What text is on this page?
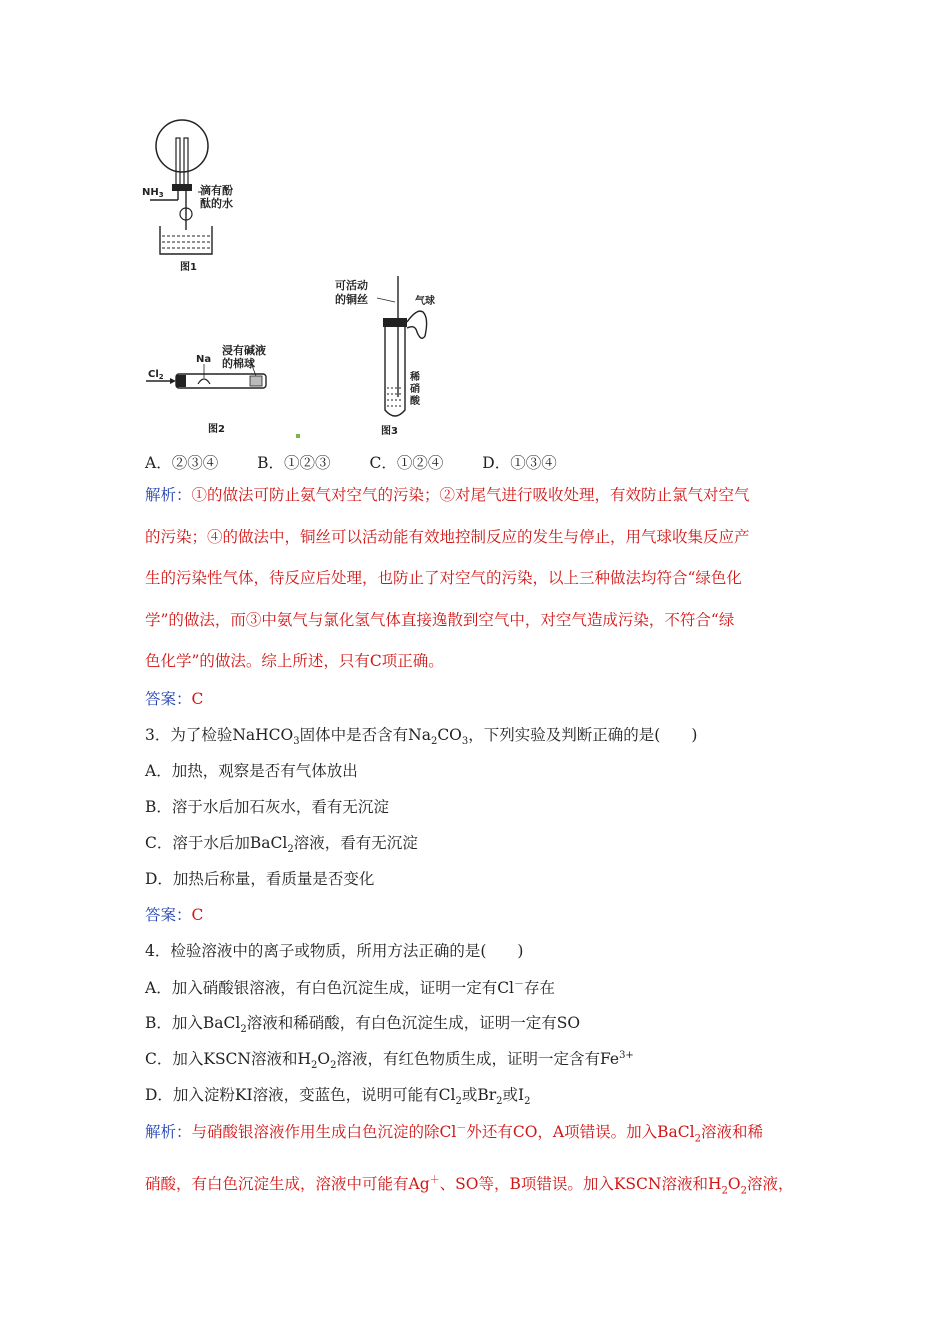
$NH_3$	滴有酚
酞的水
图1
$Cl_2$
Na
浸有碱液
的棉球
图2
可活动
的铜丝	气球
稀
硝
酸
图3
A．②③④	B．①②③	C．①②④	D．①③④
解析：①的做法可防止氨气对空气的污染；②对尾气进行吸收处理，有效防止氯气对空气
的污染；④的做法中，铜丝可以活动能有效地控制反应的发生与停止，用气球收集反应产
生的污染性气体，待反应后处理，也防止了对空气的污染，以上三种做法均符合“绿色化
学”的做法，而③中氨气与氯化氢气体直接逸散到空气中，对空气造成污染，不符合“绿
色化学”的做法。综上所述，只有C项正确。
答案：C
3．为了检验NaHCO$_3$固体中是否含有$Na_2CO_3$，下列实验及判断正确的是(　　)
A．加热，观察是否有气体放出
B．溶于水后加石灰水，看有无沉淀
C．溶于水后加BaCl$_2$溶液，看有无沉淀
D．加热后称量，看质量是否变化
答案：C
4．检验溶液中的离子或物质，所用方法正确的是(　　)
A．加入硝酸银溶液，有白色沉淀生成，证明一定有Cl－存在
B．加入BaCl$_2$溶液和稀硝酸，有白色沉淀生成，证明一定有SO
C．加入KSCN溶液和$H_2O_2$溶液，有红色物质生成，证明一定含有$Fe^{3+}$
D．加入淀粉KI溶液，变蓝色，说明可能有$Cl_2$或$Br_2$或$I_2$
解析：与硝酸银溶液作用生成白色沉淀的除Cl－外还有CO，A项错误。加入BaCl$_2$溶液和稀
硝酸，有白色沉淀生成，溶液中可能有Ag＋、SO等，B项错误。加入KSCN溶液和$H_2O_2$溶液，
